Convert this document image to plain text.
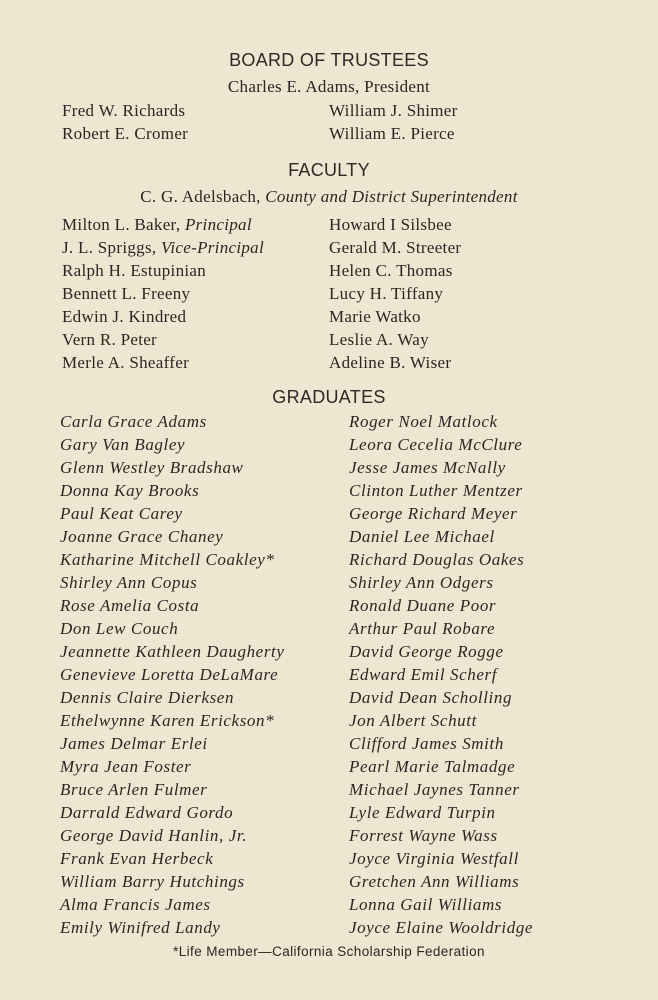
BOARD OF TRUSTEES
Charles E. Adams, President
Fred W. Richards
Robert E. Cromer
William J. Shimer
William E. Pierce
FACULTY
C. G. Adelsbach, County and District Superintendent
Milton L. Baker, Principal
J. L. Spriggs, Vice-Principal
Ralph H. Estupinian
Bennett L. Freeny
Edwin J. Kindred
Vern R. Peter
Merle A. Sheaffer
Howard I Silsbee
Gerald M. Streeter
Helen C. Thomas
Lucy H. Tiffany
Marie Watko
Leslie A. Way
Adeline B. Wiser
GRADUATES
Carla Grace Adams
Gary Van Bagley
Glenn Westley Bradshaw
Donna Kay Brooks
Paul Keat Carey
Joanne Grace Chaney
Katharine Mitchell Coakley*
Shirley Ann Copus
Rose Amelia Costa
Don Lew Couch
Jeannette Kathleen Daugherty
Genevieve Loretta DeLaMare
Dennis Claire Dierksen
Ethelwynne Karen Erickson*
James Delmar Erlei
Myra Jean Foster
Bruce Arlen Fulmer
Darrald Edward Gordo
George David Hanlin, Jr.
Frank Evan Herbeck
William Barry Hutchings
Alma Francis James
Emily Winifred Landy
Roger Noel Matlock
Leora Cecelia McClure
Jesse James McNally
Clinton Luther Mentzer
George Richard Meyer
Daniel Lee Michael
Richard Douglas Oakes
Shirley Ann Odgers
Ronald Duane Poor
Arthur Paul Robare
David George Rogge
Edward Emil Scherf
David Dean Scholling
Jon Albert Schutt
Clifford James Smith
Pearl Marie Talmadge
Michael Jaynes Tanner
Lyle Edward Turpin
Forrest Wayne Wass
Joyce Virginia Westfall
Gretchen Ann Williams
Lonna Gail Williams
Joyce Elaine Wooldridge
*Life Member—California Scholarship Federation
